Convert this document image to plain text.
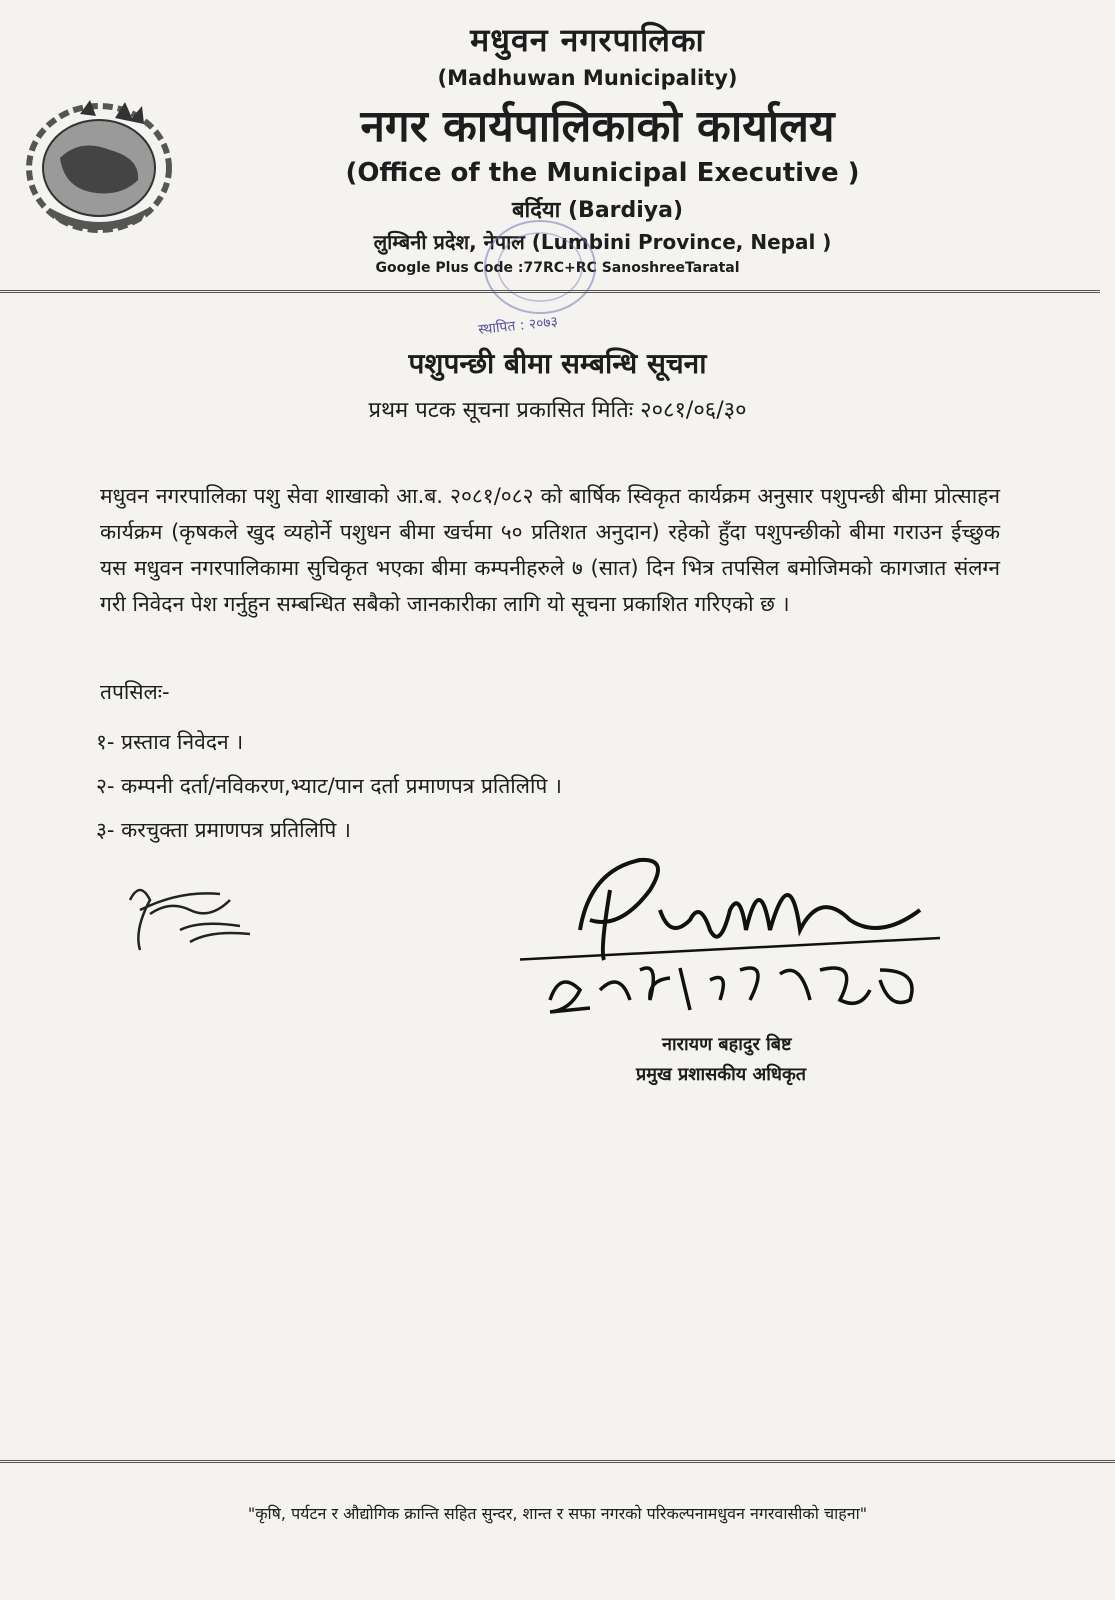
मधुवन नगरपालिका
(Madhuwan Municipality)
नगर कार्यपालिकाको कार्यालय
(Office of the Municipal Executive )
बर्दिया (Bardiya)
लुम्बिनी प्रदेश, नेपाल (Lumbini Province, Nepal )
Google Plus Code :77RC+RC SanoshreeTaratal
स्थापित : २०७३
पशुपन्छी बीमा सम्बन्धि सूचना
प्रथम पटक सूचना प्रकासित मितिः २०८१/०६/३०
मधुवन नगरपालिका पशु सेवा शाखाको आ.ब. २०८१/०८२ को बार्षिक स्विकृत कार्यक्रम अनुसार पशुपन्छी बीमा प्रोत्साहन कार्यक्रम (कृषकले खुद व्यहोर्ने पशुधन बीमा खर्चमा ५० प्रतिशत अनुदान) रहेको हुँदा पशुपन्छीको बीमा गराउन ईच्छुक यस मधुवन नगरपालिकामा सुचिकृत भएका बीमा कम्पनीहरुले ७ (सात) दिन भित्र तपसिल बमोजिमको कागजात संलग्न गरी निवेदन पेश गर्नुहुन सम्बन्धित सबैको जानकारीका लागि यो सूचना प्रकाशित गरिएको छ ।
तपसिलः-
१- प्रस्ताव निवेदन ।
२- कम्पनी दर्ता/नविकरण,भ्याट/पान दर्ता प्रमाणपत्र प्रतिलिपि ।
३- करचुक्ता प्रमाणपत्र प्रतिलिपि ।
नारायण बहादुर बिष्ट
प्रमुख प्रशासकीय अधिकृत
"कृषि, पर्यटन र औद्योगिक क्रान्ति सहित सुन्दर, शान्त र सफा नगरको परिकल्पनामधुवन नगरवासीको चाहना"
